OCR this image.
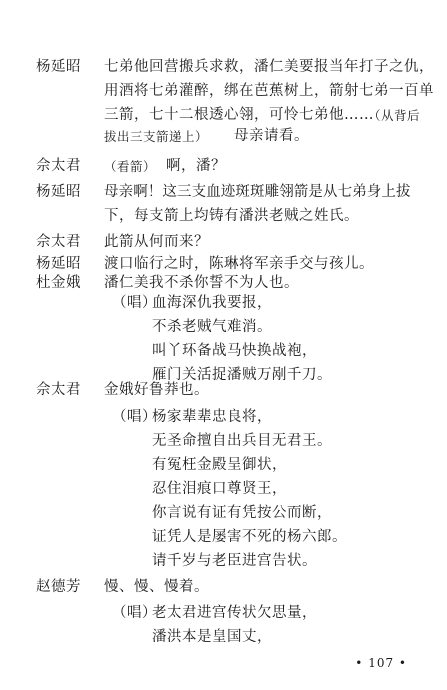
杨延昭 七弟他回营搬兵求救，潘仁美要报当年打子之仇，
用酒将七弟灌醉，绑在芭蕉树上，箭射七弟一百单
三箭，七十二根透心翎，可怜七弟他……
（从背后
拔出三支箭递上） 母亲请看。
佘太君 （看箭） 啊，潘？
杨延昭 母亲啊！这三支血迹斑斑雕翎箭是从七弟身上拔
下，每支箭上均铸有潘洪老贼之姓氏。
佘太君 此箭从何而来？
杨延昭 渡口临行之时，陈琳将军亲手交与孩儿。
杜金娥 潘仁美我不杀你誓不为人也。
（唱）
血海深仇我要报，
不杀老贼气难消。
叫丫环备战马快换战袍，
雁门关活捉潘贼万剐千刀。
佘太君 金娥好鲁莽也。
（唱）
杨家辈辈忠良将，
无圣命擅自出兵目无君王。
有冤枉金殿呈御状，
忍住泪痕口尊贤王，
你言说有证有凭按公而断，
证凭人是屡害不死的杨六郎。
请千岁与老臣进宫告状。
赵德芳 慢、慢、慢着。
（唱）
老太君进宫传状欠思量，
潘洪本是皇国丈，
• 107 •
